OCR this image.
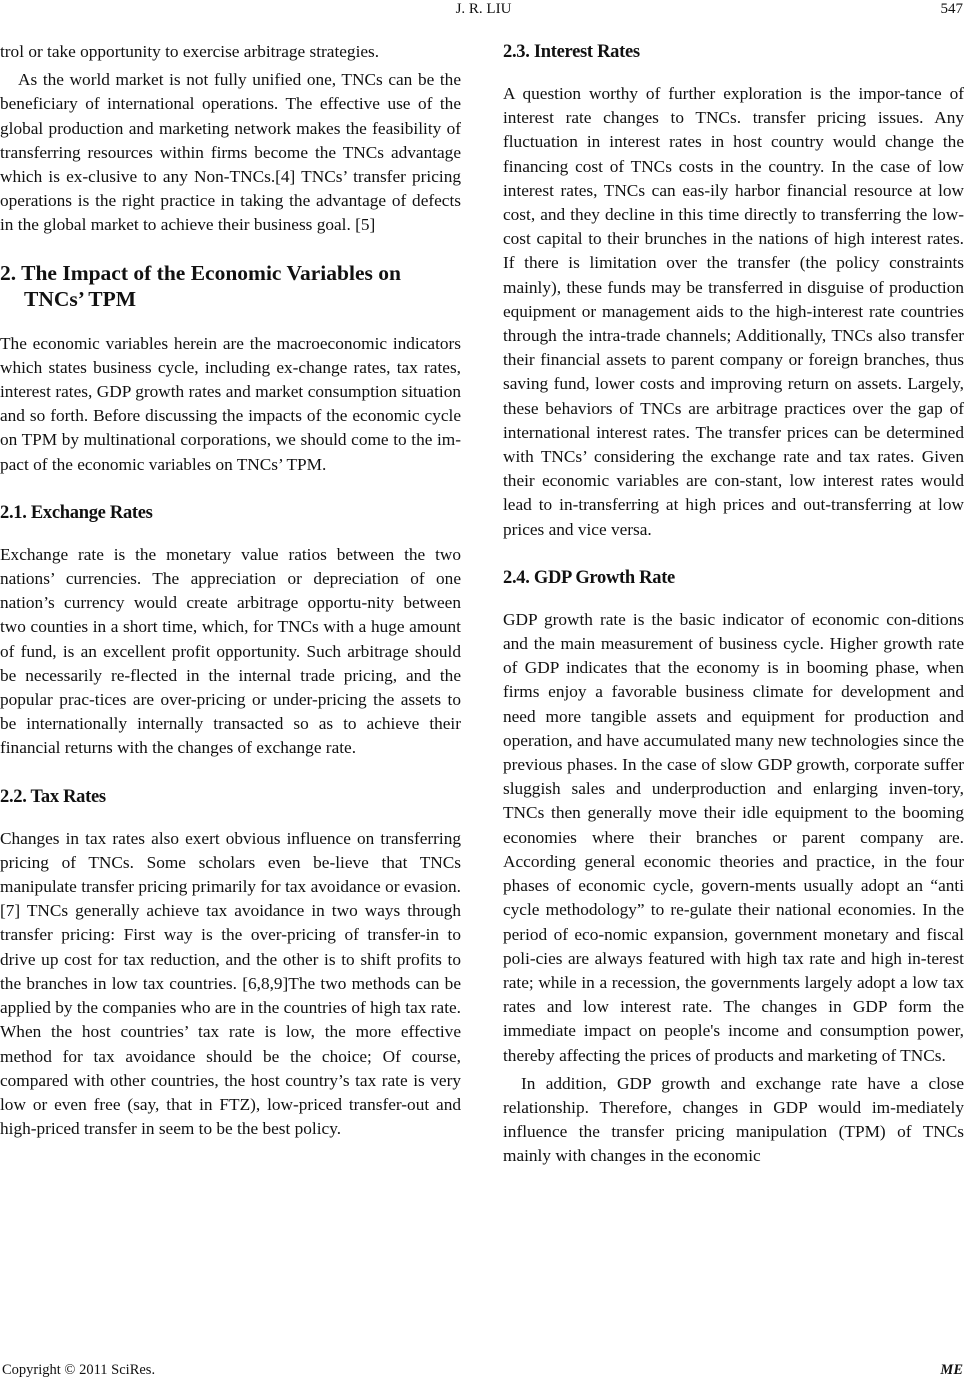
J. R. LIU	547

trol or take opportunity to exercise arbitrage strategies.

As the world market is not fully unified one, TNCs can be the beneficiary of international operations. The effective use of the global production and marketing network makes the feasibility of transferring resources within firms become the TNCs advantage which is ex-clusive to any Non-TNCs.[4] TNCs’ transfer pricing operations is the right practice in taking the advantage of defects in the global market to achieve their business goal. [5]

2. The Impact of the Economic Variables on TNCs’ TPM

The economic variables herein are the macroeconomic indicators which states business cycle, including ex-change rates, tax rates, interest rates, GDP growth rates and market consumption situation and so forth. Before discussing the impacts of the economic cycle on TPM by multinational corporations, we should come to the im-pact of the economic variables on TNCs’ TPM.

2.1. Exchange Rates

Exchange rate is the monetary value ratios between the two nations’ currencies. The appreciation or depreciation of one nation’s currency would create arbitrage opportu-nity between two counties in a short time, which, for TNCs with a huge amount of fund, is an excellent profit opportunity. Such arbitrage should be necessarily re-flected in the internal trade pricing, and the popular prac-tices are over-pricing or under-pricing the assets to be internationally internally transacted so as to achieve their financial returns with the changes of exchange rate.

2.2. Tax Rates

Changes in tax rates also exert obvious influence on transferring pricing of TNCs. Some scholars even be-lieve that TNCs manipulate transfer pricing primarily for tax avoidance or evasion. [7] TNCs generally achieve tax avoidance in two ways through transfer pricing: First way is the over-pricing of transfer-in to drive up cost for tax reduction, and the other is to shift profits to the branches in low tax countries. [6,8,9]The two methods can be applied by the companies who are in the countries of high tax rate. When the host countries’ tax rate is low, the more effective method for tax avoidance should be the choice; Of course, compared with other countries, the host country’s tax rate is very low or even free (say, that in FTZ), low-priced transfer-out and high-priced transfer in seem to be the best policy.

2.3. Interest Rates

A question worthy of further exploration is the impor-tance of interest rate changes to TNCs. transfer pricing issues. Any fluctuation in interest rates in host country would change the financing cost of TNCs costs in the country. In the case of low interest rates, TNCs can eas-ily harbor financial resource at low cost, and they decline in this time directly to transferring the low-cost capital to their brunches in the nations of high interest rates. If there is limitation over the transfer (the policy constraints mainly), these funds may be transferred in disguise of production equipment or management aids to the high-interest rate countries through the intra-trade channels; Additionally, TNCs also transfer their financial assets to parent company or foreign branches, thus saving fund, lower costs and improving return on assets. Largely, these behaviors of TNCs are arbitrage practices over the gap of international interest rates. The transfer prices can be determined with TNCs’ considering the exchange rate and tax rates. Given their economic variables are con-stant, low interest rates would lead to in-transferring at high prices and out-transferring at low prices and vice versa.

2.4. GDP Growth Rate

GDP growth rate is the basic indicator of economic con-ditions and the main measurement of business cycle. Higher growth rate of GDP indicates that the economy is in booming phase, when firms enjoy a favorable business climate for development and need more tangible assets and equipment for production and operation, and have accumulated many new technologies since the previous phases. In the case of slow GDP growth, corporate suffer sluggish sales and underproduction and enlarging inven-tory, TNCs then generally move their idle equipment to the booming economies where their branches or parent company are. According general economic theories and practice, in the four phases of economic cycle, govern-ments usually adopt an “anti cycle methodology” to re-gulate their national economies. In the period of eco-nomic expansion, government monetary and fiscal poli-cies are always featured with high tax rate and high in-terest rate; while in a recession, the governments largely adopt a low tax rates and low interest rate. The changes in GDP form the immediate impact on people's income and consumption power, thereby affecting the prices of products and marketing of TNCs.

In addition, GDP growth and exchange rate have a close relationship. Therefore, changes in GDP would im-mediately influence the transfer pricing manipulation (TPM) of TNCs mainly with changes in the economic

Copyright © 2011 SciRes.	ME
